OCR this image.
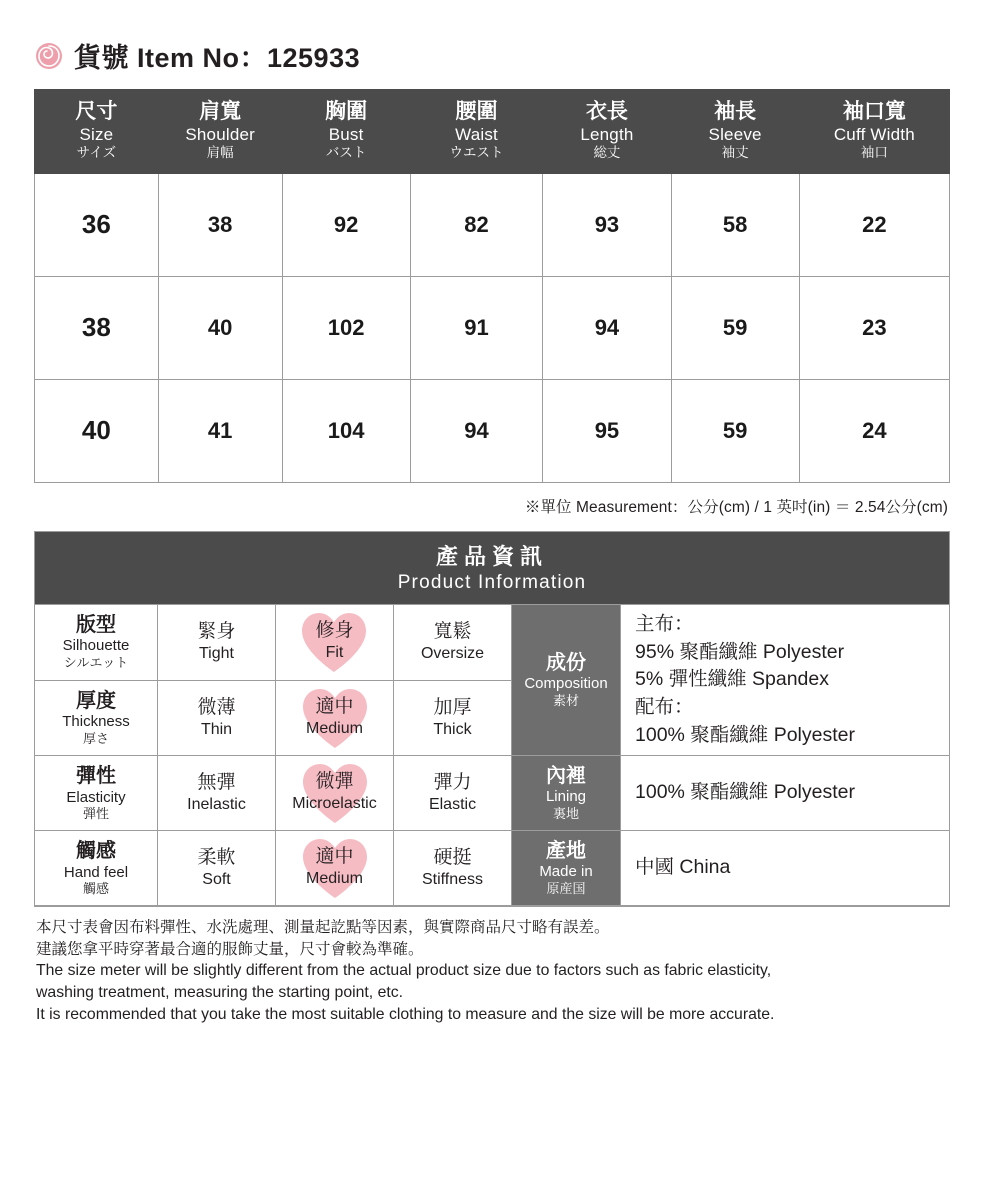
貨號 Item No：125933
尺寸
Size
サイズ	肩寬
Shoulder
肩幅	胸圍
Bust
バスト	腰圍
Waist
ウエスト	衣長
Length
総丈	袖長
Sleeve
袖丈	袖口寬
Cuff Width
袖口

36	38	92	82	93	58	22
38	40	102	91	94	59	23
40	41	104	94	95	59	24
※單位 Measurement：公分(cm) / 1 英吋(in) ＝ 2.54公分(cm)
產品資訊
Product Information
版型
Silhouette
シルエット	緊身
Tight	修身
Fit	寬鬆
Oversize	成份
Composition
素材	主布：
95% 聚酯纖維 Polyester
5% 彈性纖維 Spandex
配布：
100% 聚酯纖維 Polyester

厚度
Thickness
厚さ	微薄
Thin	適中
Medium	加厚
Thick		

彈性
Elasticity
弾性	無彈
Inelastic	微彈
Microelastic	彈力
Elastic	內裡
Lining
裏地	100% 聚酯纖維 Polyester

觸感
Hand feel
觸感	柔軟
Soft	適中
Medium	硬挺
Stiffness	產地
Made in
原産国	中國 China
本尺寸表會因布料彈性、水洗處理、測量起訖點等因素，與實際商品尺寸略有誤差。
建議您拿平時穿著最合適的服飾丈量，尺寸會較為準確。
The size meter will be slightly different from the actual product size due to factors such as fabric elasticity,
washing treatment, measuring the starting point, etc.
It is recommended that you take the most suitable clothing to measure and the size will be more accurate.
